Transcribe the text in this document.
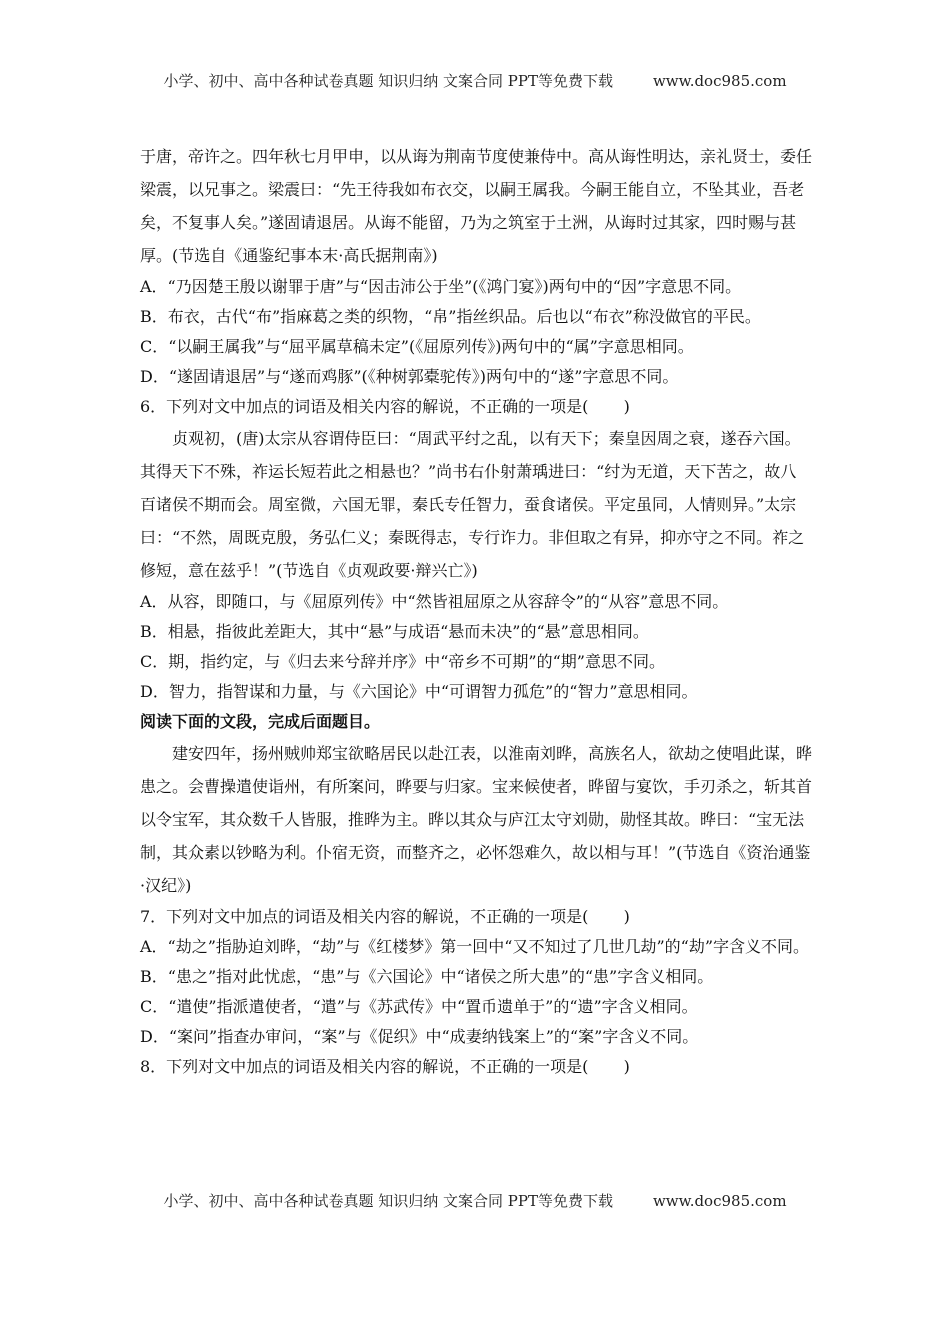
小学、初中、高中各种试卷真题 知识归纳 文案合同 PPT等免费下载	www.doc985.com

于唐，帝许之。四年秋七月甲申，以从诲为荆南节度使兼侍中。高从诲性明达，亲礼贤士，委任梁震，以兄事之。梁震曰：“先王待我如布衣交，以嗣王属我。今嗣王能自立，不坠其业，吾老矣，不复事人矣。”遂固请退居。从诲不能留，乃为之筑室于土洲，从诲时过其家，四时赐与甚厚。(节选自《通鉴纪事本末·高氏据荆南》)

A．“乃因楚王殷以谢罪于唐”与“因击沛公于坐”(《鸿门宴》)两句中的“因”字意思不同。

B．布衣，古代“布”指麻葛之类的织物，“帛”指丝织品。后也以“布衣”称没做官的平民。

C．“以嗣王属我”与“屈平属草稿未定”(《屈原列传》)两句中的“属”字意思相同。

D．“遂固请退居”与“遂而鸡豚”(《种树郭橐驼传》)两句中的“遂”字意思不同。

6．下列对文中加点的词语及相关内容的解说，不正确的一项是( )

贞观初，(唐)太宗从容谓侍臣曰：“周武平纣之乱，以有天下；秦皇因周之衰，遂吞六国。其得天下不殊，祚运长短若此之相悬也？”尚书右仆射萧瑀进曰：“纣为无道，天下苦之，故八百诸侯不期而会。周室微，六国无罪，秦氏专任智力，蚕食诸侯。平定虽同，人情则异。”太宗曰：“不然，周既克殷，务弘仁义；秦既得志，专行诈力。非但取之有异，抑亦守之不同。祚之修短，意在兹乎！”(节选自《贞观政要·辩兴亡》)

A．从容，即随口，与《屈原列传》中“然皆祖屈原之从容辞令”的“从容”意思不同。

B．相悬，指彼此差距大，其中“悬”与成语“悬而未决”的“悬”意思相同。

C．期，指约定，与《归去来兮辞并序》中“帝乡不可期”的“期”意思不同。

D．智力，指智谋和力量，与《六国论》中“可谓智力孤危”的“智力”意思相同。

阅读下面的文段，完成后面题目。

建安四年，扬州贼帅郑宝欲略居民以赴江表，以淮南刘晔，高族名人，欲劫之使唱此谋，晔患之。会曹操遣使诣州，有所案问，晔要与归家。宝来候使者，晔留与宴饮，手刃杀之，斩其首以令宝军，其众数千人皆服，推晔为主。晔以其众与庐江太守刘勋，勋怪其故。晔曰：“宝无法制，其众素以钞略为利。仆宿无资，而整齐之，必怀怨难久，故以相与耳！”(节选自《资治通鉴·汉纪》)

7．下列对文中加点的词语及相关内容的解说，不正确的一项是( )

A．“劫之”指胁迫刘晔，“劫”与《红楼梦》第一回中“又不知过了几世几劫”的“劫”字含义不同。

B．“患之”指对此忧虑，“患”与《六国论》中“诸侯之所大患”的“患”字含义相同。

C．“遣使”指派遣使者，“遣”与《苏武传》中“置币遗单于”的“遗”字含义相同。

D．“案问”指查办审问，“案”与《促织》中“成妻纳钱案上”的“案”字含义不同。

8．下列对文中加点的词语及相关内容的解说，不正确的一项是( )

小学、初中、高中各种试卷真题 知识归纳 文案合同 PPT等免费下载	www.doc985.com
